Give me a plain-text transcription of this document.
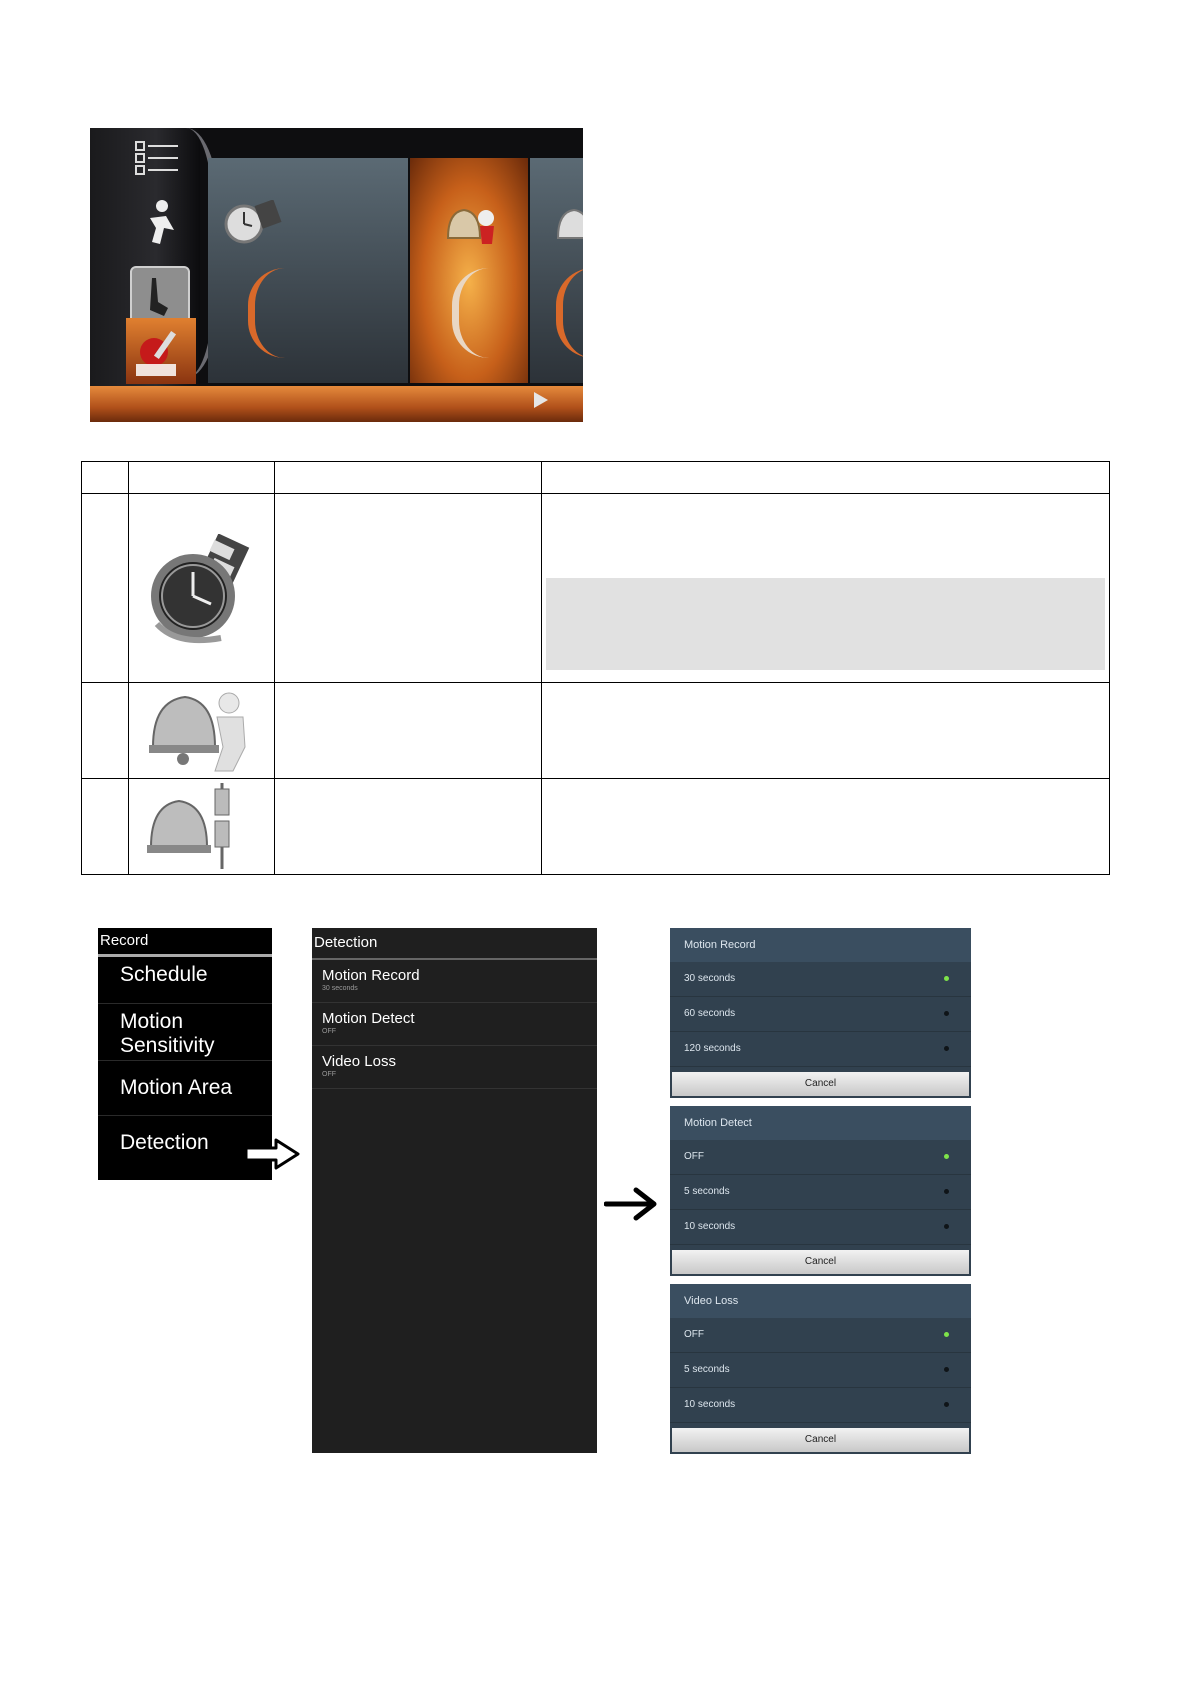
Record
Schedule
Motion
Sensitivity
Motion Area
Detection
Detection
Motion Record
30 seconds
Motion Detect
OFF
Video Loss
OFF
Motion Record
30 seconds
60 seconds
120 seconds
Cancel
Motion Detect
OFF
5 seconds
10 seconds
Cancel
Video Loss
OFF
5 seconds
10 seconds
Cancel
